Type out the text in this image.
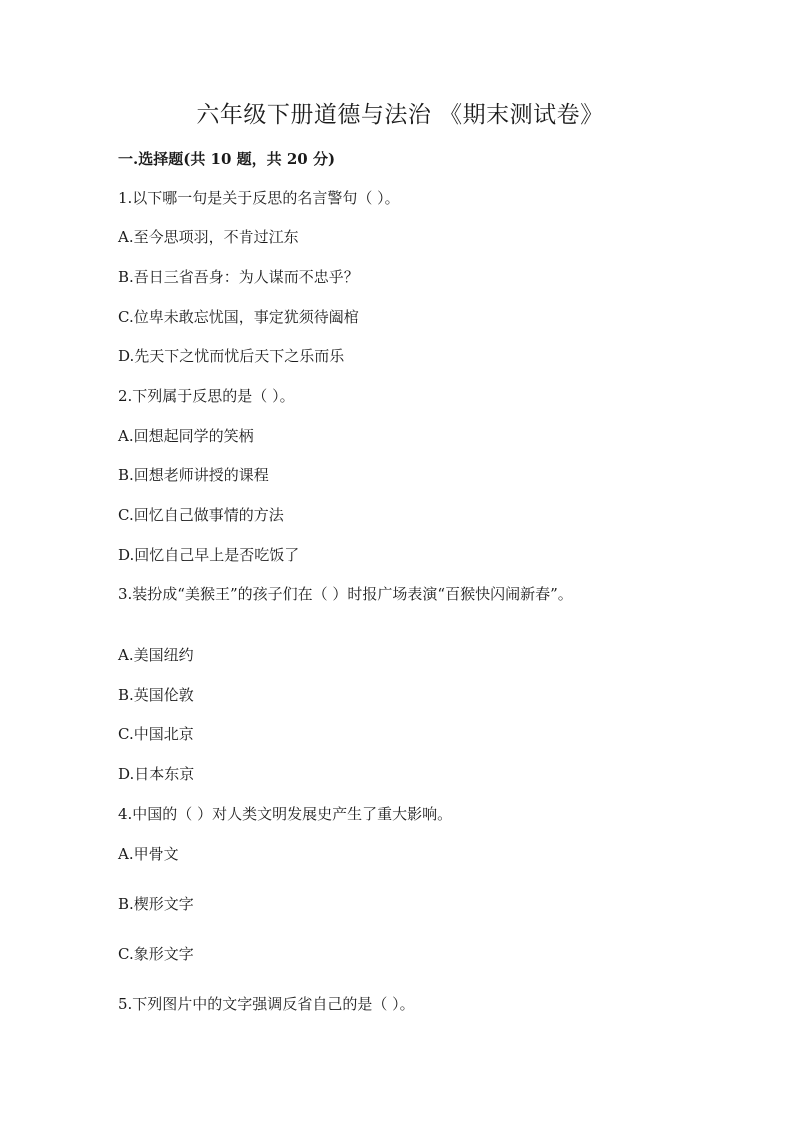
六年级下册道德与法治 《期末测试卷》
一.选择题(共 10 题，共 20 分)
1.以下哪一句是关于反思的名言警句（ ）。
A.至今思项羽，不肯过江东
B.吾日三省吾身：为人谋而不忠乎？
C.位卑未敢忘忧国，事定犹须待阖棺
D.先天下之忧而忧后天下之乐而乐
2.下列属于反思的是（ ）。
A.回想起同学的笑柄
B.回想老师讲授的课程
C.回忆自己做事情的方法
D.回忆自己早上是否吃饭了
3.装扮成“美猴王”的孩子们在（ ）时报广场表演“百猴快闪闹新春”。
A.美国纽约
B.英国伦敦
C.中国北京
D.日本东京
4.中国的（ ）对人类文明发展史产生了重大影响。
A.甲骨文
B.楔形文字
C.象形文字
5.下列图片中的文字强调反省自己的是（ ）。
